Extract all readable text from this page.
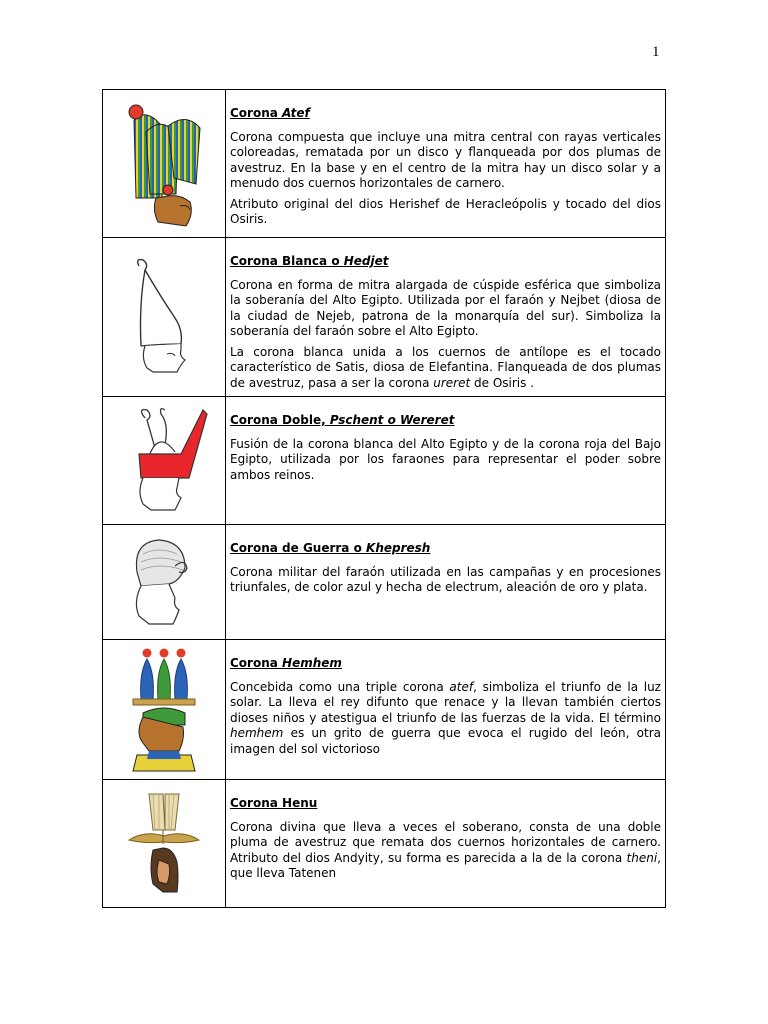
1

Corona Atef

Corona compuesta que incluye una mitra central con rayas verticales coloreadas, rematada por un disco y flanqueada por dos plumas de avestruz. En la base y en el centro de la mitra hay un disco solar y a menudo dos cuernos horizontales de carnero.

Atributo original del dios Herishef de Heracleópolis y tocado del dios Osiris.

Corona Blanca o Hedjet

Corona en forma de mitra alargada de cúspide esférica que simboliza la soberanía del Alto Egipto. Utilizada por el faraón y Nejbet (diosa de la ciudad de Nejeb, patrona de la monarquía del sur). Simboliza la soberanía del faraón sobre el Alto Egipto.

La corona blanca unida a los cuernos de antílope es el tocado característico de Satis, diosa de Elefantina. Flanqueada de dos plumas de avestruz, pasa a ser la corona ureret de Osiris .

Corona Doble, Pschent o Wereret

Fusión de la corona blanca del Alto Egipto y de la corona roja del Bajo Egipto, utilizada por los faraones para representar el poder sobre ambos reinos.

Corona de Guerra o Khepresh

Corona militar del faraón utilizada en las campañas y en procesiones triunfales, de color azul y hecha de electrum, aleación de oro y plata.

Corona Hemhem

Concebida como una triple corona atef, simboliza el triunfo de la luz solar. La lleva el rey difunto que renace y la llevan también ciertos dioses niños y atestigua el triunfo de las fuerzas de la vida. El término hemhem es un grito de guerra que evoca el rugido del león, otra imagen del sol victorioso

Corona Henu

Corona divina que lleva a veces el soberano, consta de una doble pluma de avestruz que remata dos cuernos horizontales de carnero. Atributo del dios Andyity, su forma es parecida a la de la corona theni, que lleva Tatenen
